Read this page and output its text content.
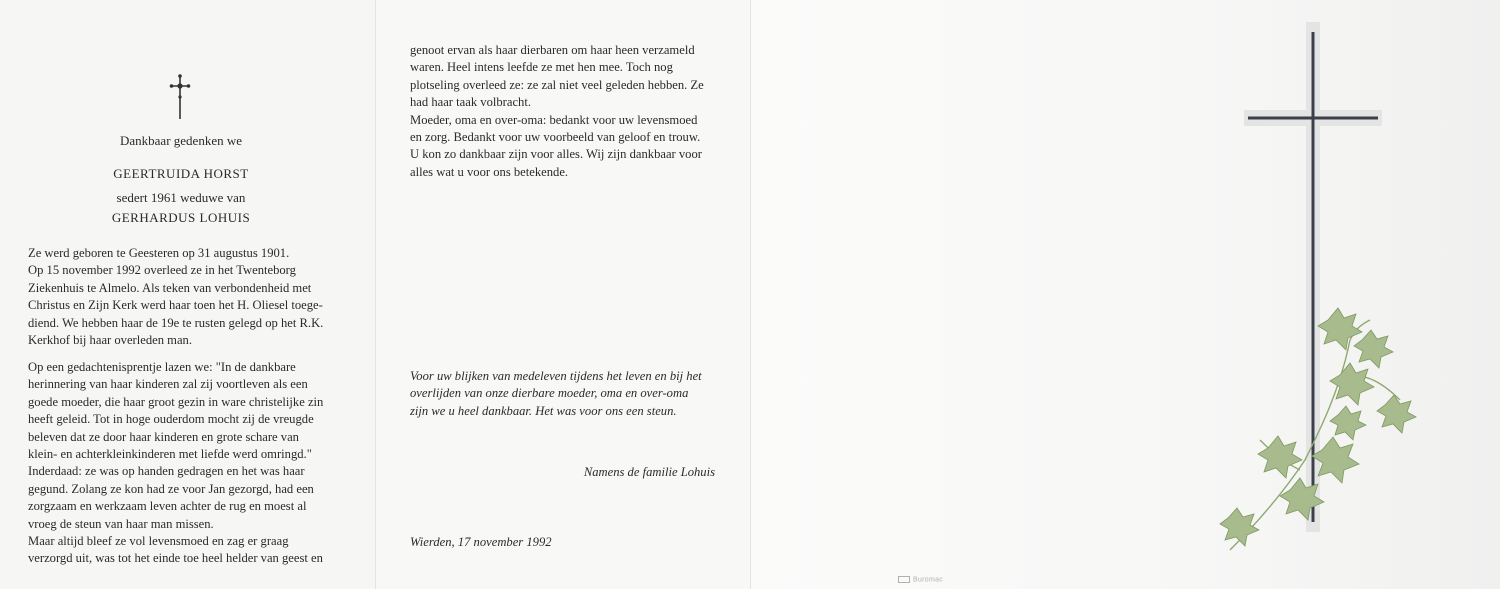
Dankbaar gedenken we
GEERTRUIDA HORST
sedert 1961 weduwe van
GERHARDUS LOHUIS

Ze werd geboren te Geesteren op 31 augustus 1901.
Op 15 november 1992 overleed ze in het Twenteborg
Ziekenhuis te Almelo. Als teken van verbondenheid met
Christus en Zijn Kerk werd haar toen het H. Oliesel toege-
diend. We hebben haar de 19e te rusten gelegd op het R.K.
Kerkhof bij haar overleden man.

Op een gedachtenisprentje lazen we: "In de dankbare
herinnering van haar kinderen zal zij voortleven als een
goede moeder, die haar groot gezin in ware christelijke zin
heeft geleid. Tot in hoge ouderdom mocht zij de vreugde
beleven dat ze door haar kinderen en grote schare van
klein- en achterkleinkinderen met liefde werd omringd."
Inderdaad: ze was op handen gedragen en het was haar
gegund. Zolang ze kon had ze voor Jan gezorgd, had een
zorgzaam en werkzaam leven achter de rug en moest al
vroeg de steun van haar man missen.
Maar altijd bleef ze vol levensmoed en zag er graag
verzorgd uit, was tot het einde toe heel helder van geest en

genoot ervan als haar dierbaren om haar heen verzameld
waren. Heel intens leefde ze met hen mee. Toch nog
plotseling overleed ze: ze zal niet veel geleden hebben. Ze
had haar taak volbracht.
Moeder, oma en over-oma: bedankt voor uw levensmoed
en zorg. Bedankt voor uw voorbeeld van geloof en trouw.
U kon zo dankbaar zijn voor alles. Wij zijn dankbaar voor
alles wat u voor ons betekende.

Voor uw blijken van medeleven tijdens het leven en bij het
overlijden van onze dierbare moeder, oma en over-oma
zijn we u heel dankbaar. Het was voor ons een steun.

Namens de familie Lohuis
Wierden, 17 november 1992
Buromac
